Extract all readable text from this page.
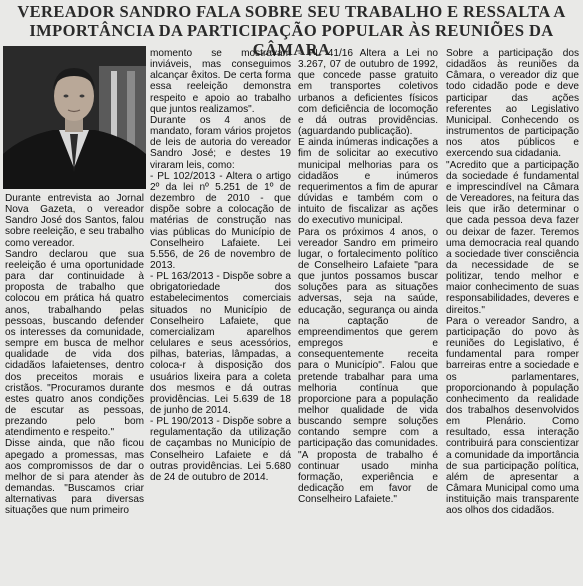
VEREADOR SANDRO FALA SOBRE SEU TRABALHO E RESSALTA A
IMPORTÂNCIA DA PARTICIPAÇÃO POPULAR ÀS REUNIÕES DA CÂMARA

Durante entrevista ao Jornal Nova Gazeta, o vereador Sandro José dos Santos, falou sobre reeleição, e seu trabalho como vereador.

Sandro declarou que sua reeleição é uma oportunidade para dar continuidade à proposta de trabalho que colocou em prática há quatro anos, trabalhando pelas pessoas, buscando defender os interesses da comunidade, sempre em busca de melhor qualidade de vida dos cidadãos lafaietenses, dentro dos preceitos morais e cristãos. "Procuramos durante estes quatro anos condições de escutar as pessoas, prezando pelo bom atendimento e respeito."

Disse ainda, que não ficou apegado a promessas, mas aos compromissos de dar o melhor de si para atender às demandas. "Buscamos criar alternativas para diversas situações que num primeiro

momento se mostravam inviáveis, mas conseguimos alcançar êxitos. De certa forma essa reeleição demonstra respeito e apoio ao trabalho que juntos realizamos".

Durante os 4 anos de mandato, foram vários projetos de leis de autoria do vereador Sandro José; e destes 19 viraram leis, como:

- PL 102/2013 - Altera o artigo 2º da lei nº 5.251 de 1º de dezembro de 2010 - que dispõe sobre a colocação de matérias de construção nas vias públicas do Município de Conselheiro Lafaiete. Lei 5.556, de 26 de novembro de 2013.

- PL 163/2013 - Dispõe sobre a obrigatoriedade dos estabelecimentos comerciais situados no Município de Conselheiro Lafaiete, que comercializam aparelhos celulares e seus acessórios, pilhas, baterias, lâmpadas, a coloca-r à disposição dos usuários lixeira para a coleta dos mesmos e dá outras providências. Lei 5.639 de 18 de junho de 2014.

- PL 190/2013 - Dispõe sobre a regulamentação da utilização de caçambas no Município de Conselheiro Lafaiete e dá outras providências. Lei 5.680 de 24 de outubro de 2014.

- PL 41/16 Altera a Lei no 3.267, 07 de outubro de 1992, que concede passe gratuito em transportes coletivos urbanos a deficientes físicos com deficiência de locomoção e dá outras providências. (aguardando publicação).

E ainda inúmeras indicações a fim de solicitar ao executivo municipal melhorias para os cidadãos e inúmeros requerimentos a fim de apurar dúvidas e também com o intuito de fiscalizar as ações do executivo municipal.

Para os próximos 4 anos, o vereador Sandro em primeiro lugar, o fortalecimento político de Conselheiro Lafaiete "para que juntos possamos buscar soluções para as situações adversas, seja na saúde, educação, segurança ou ainda na captação de empreendimentos que gerem empregos e consequentemente receita para o Município". Falou que pretende trabalhar para uma melhoria contínua que proporcione para a população melhor qualidade de vida buscando sempre soluções contando sempre com a participação das comunidades. "A proposta de trabalho é continuar usado minha formação, experiência e dedicação em favor de Conselheiro Lafaiete."

Sobre a participação dos cidadãos às reuniões da Câmara, o vereador diz que todo cidadão pode e deve participar das ações referentes ao Legislativo Municipal. Conhecendo os instrumentos de participação nos atos públicos e exercendo sua cidadania.

"Acredito que a participação da sociedade é fundamental e imprescindível na Câmara de Vereadores, na feitura das leis que irão determinar o que cada pessoa deva fazer ou deixar de fazer. Teremos uma democracia real quando a sociedade tiver consciência da necessidade de se politizar, tendo melhor e maior conhecimento de suas responsabilidades, deveres e direitos."

Para o vereador Sandro, a participação do povo às reuniões do Legislativo, é fundamental para romper barreiras entre a sociedade e os parlamentares, proporcionando à população conhecimento da realidade dos trabalhos desenvolvidos em Plenário. Como resultado, essa interação contribuirá para conscientizar a comunidade da importância de sua participação política, além de apresentar a Câmara Municipal como uma instituição mais transparente aos olhos dos cidadãos.
